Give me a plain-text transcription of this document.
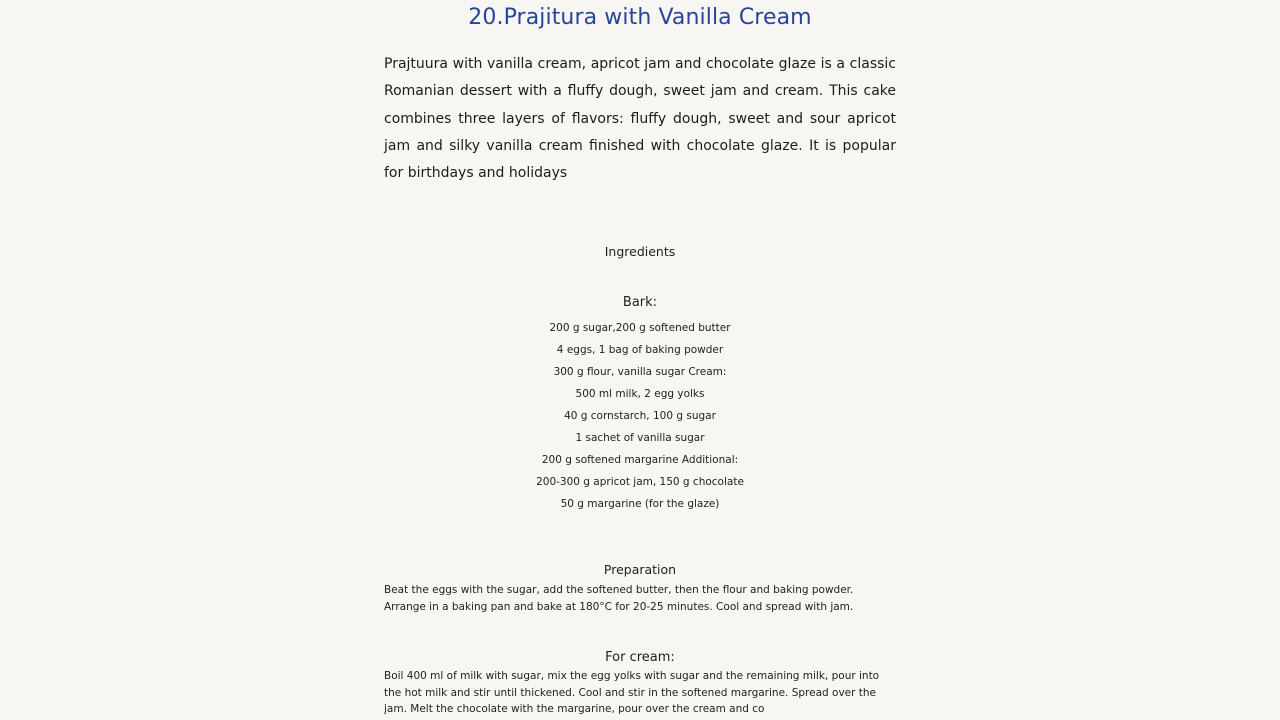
20.Prajitura with Vanilla Cream
Prajtuura with vanilla cream, apricot jam and chocolate glaze is a classic Romanian dessert with a fluffy dough, sweet jam and cream. This cake combines three layers of flavors: fluffy dough, sweet and sour apricot jam and silky vanilla cream finished with chocolate glaze. It is popular for birthdays and holidays
Ingredients
Bark:
200 g sugar,200 g softened butter
4 eggs, 1 bag of baking powder
300 g flour, vanilla sugar Cream:
500 ml milk, 2 egg yolks
40 g cornstarch, 100 g sugar
1 sachet of vanilla sugar
200 g softened margarine Additional:
200-300 g apricot jam, 150 g chocolate
50 g margarine (for the glaze)
Preparation
Beat the eggs with the sugar, add the softened butter, then the flour and baking powder. Arrange in a baking pan and bake at 180°C for 20-25 minutes. Cool and spread with jam.
For cream:
Boil 400 ml of milk with sugar, mix the egg yolks with sugar and the remaining milk, pour into the hot milk and stir until thickened. Cool and stir in the softened margarine. Spread over the jam. Melt the chocolate with the margarine, pour over the cream and co
